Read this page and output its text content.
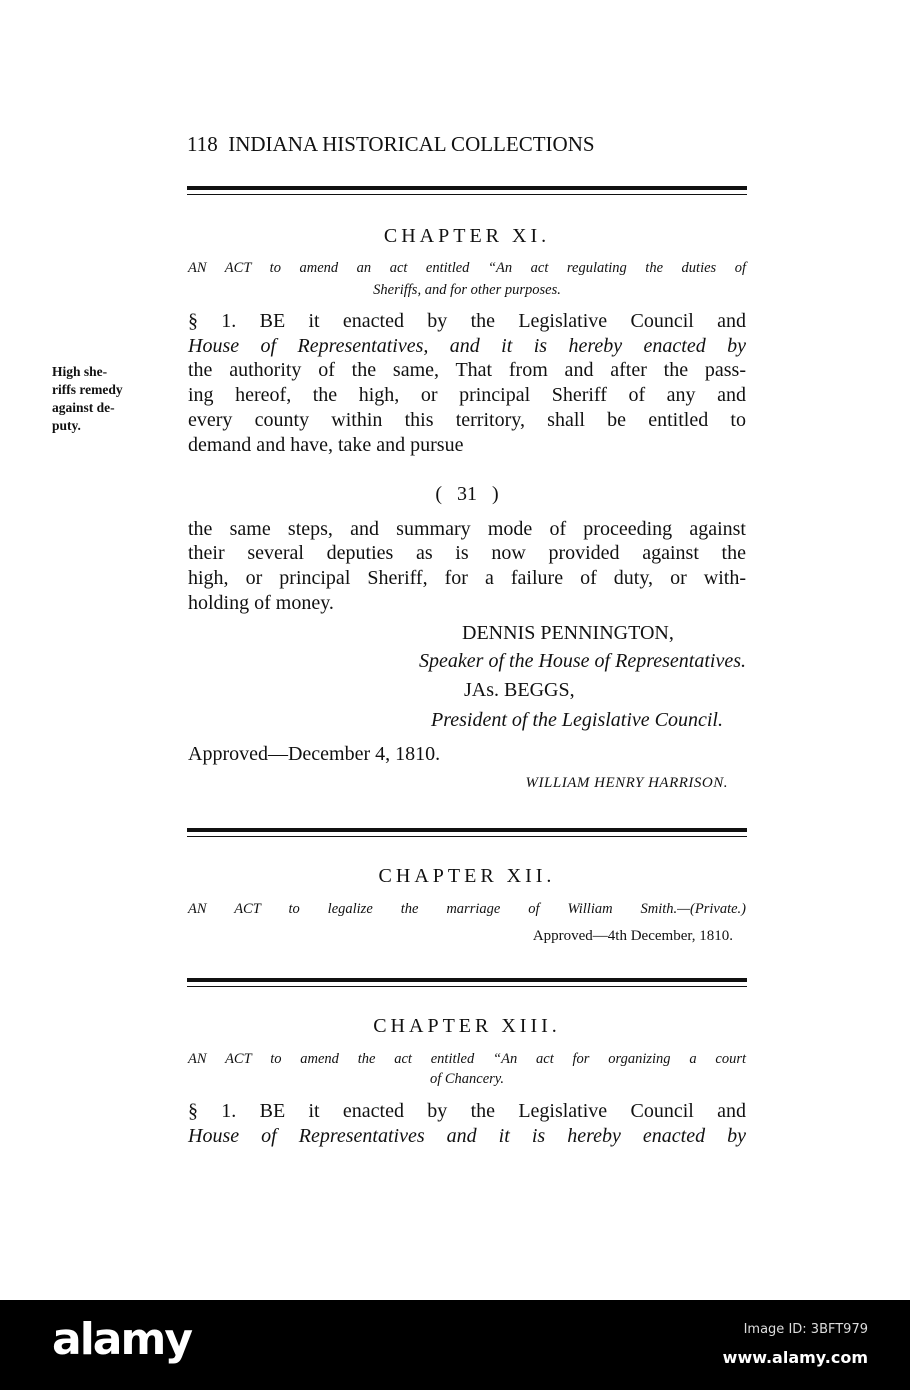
118 INDIANA HISTORICAL COLLECTIONS
CHAPTER XI.
AN ACT to amend an act entitled “An act regulating the duties of
Sheriffs, and for other purposes.
§ 1. BE it enacted by the Legislative Council and
House of Representatives, and it is hereby enacted by
the authority of the same, That from and after the pass-
ing hereof, the high, or principal Sheriff of any and
every county within this territory, shall be entitled to
demand and have, take and pursue
High she-
riffs remedy
against de-
puty.
( 31 )
the same steps, and summary mode of proceeding against
their several deputies as is now provided against the
high, or principal Sheriff, for a failure of duty, or with-
holding of money.
DENNIS PENNINGTON,
Speaker of the House of Representatives.
JAs. BEGGS,
President of the Legislative Council.
Approved—December 4, 1810.
WILLIAM HENRY HARRISON.
CHAPTER XII.
AN ACT to legalize the marriage of William Smith.—(Private.)
Approved—4th December, 1810.
CHAPTER XIII.
AN ACT to amend the act entitled “An act for organizing a court
of Chancery.
§ 1. BE it enacted by the Legislative Council and
House of Representatives and it is hereby enacted by
alamy	Image ID: 3BFT979
www.alamy.com
